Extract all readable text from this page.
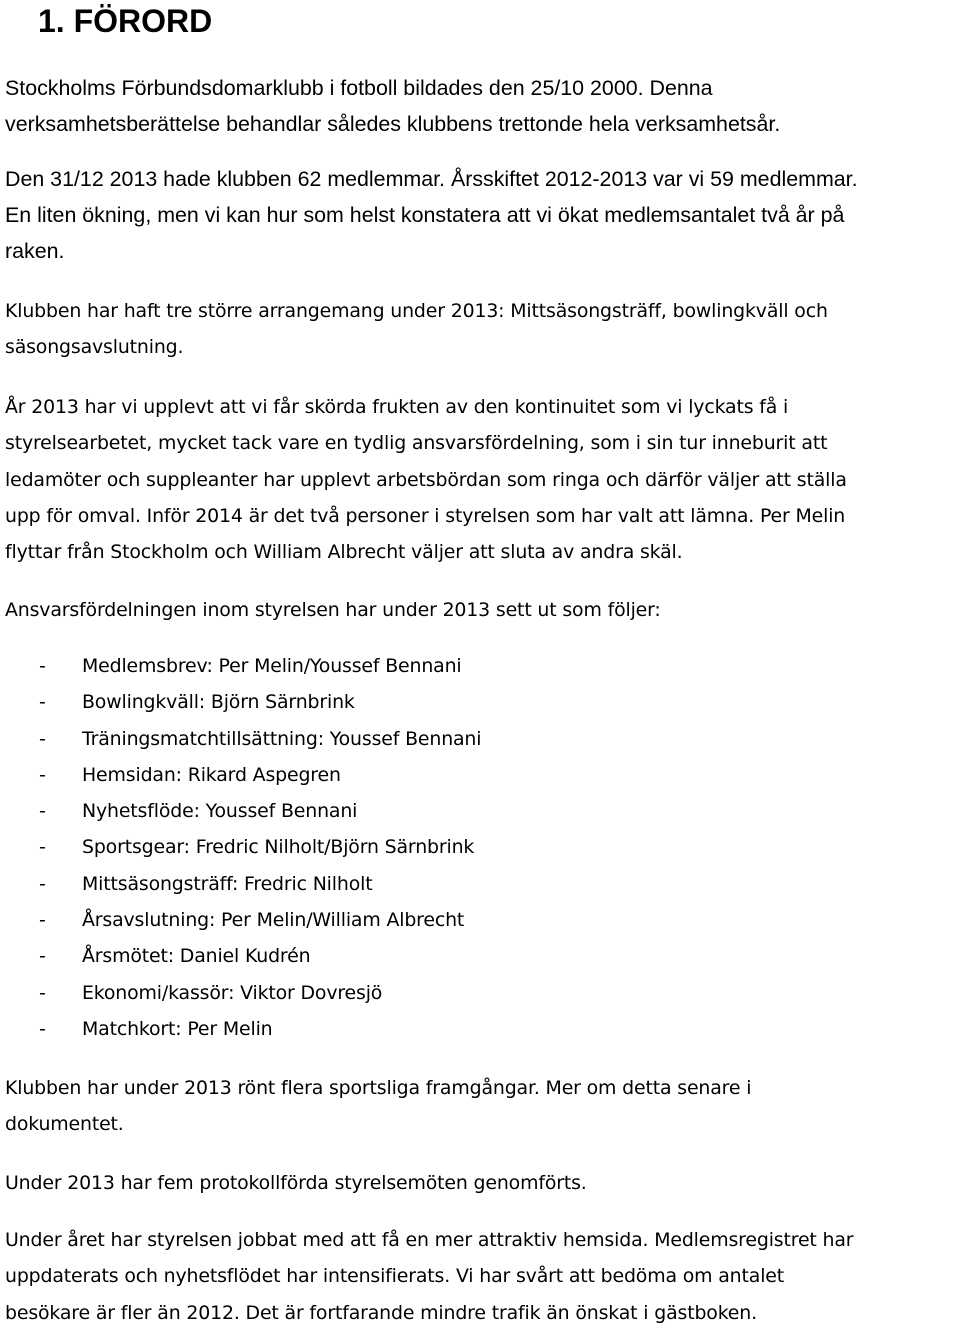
1. FÖRORD

Stockholms Förbundsdomarklubb i fotboll bildades den 25/10 2000. Denna
verksamhetsberättelse behandlar således klubbens trettonde hela verksamhetsår.

Den 31/12 2013 hade klubben 62 medlemmar. Årsskiftet 2012-2013 var vi 59 medlemmar.
En liten ökning, men vi kan hur som helst konstatera att vi ökat medlemsantalet två år på
raken.

Klubben har haft tre större arrangemang under 2013: Mittsäsongsträff, bowlingkväll och
säsongsavslutning.

År 2013 har vi upplevt att vi får skörda frukten av den kontinuitet som vi lyckats få i
styrelsearbetet, mycket tack vare en tydlig ansvarsfördelning, som i sin tur inneburit att
ledamöter och suppleanter har upplevt arbetsbördan som ringa och därför väljer att ställa
upp för omval. Inför 2014 är det två personer i styrelsen som har valt att lämna. Per Melin
flyttar från Stockholm och William Albrecht väljer att sluta av andra skäl.

Ansvarsfördelningen inom styrelsen har under 2013 sett ut som följer:

- Medlemsbrev: Per Melin/Youssef Bennani
- Bowlingkväll: Björn Särnbrink
- Träningsmatchtillsättning: Youssef Bennani
- Hemsidan: Rikard Aspegren
- Nyhetsflöde: Youssef Bennani
- Sportsgear: Fredric Nilholt/Björn Särnbrink
- Mittsäsongsträff: Fredric Nilholt
- Årsavslutning: Per Melin/William Albrecht
- Årsmötet: Daniel Kudrén
- Ekonomi/kassör: Viktor Dovresjö
- Matchkort: Per Melin

Klubben har under 2013 rönt flera sportsliga framgångar. Mer om detta senare i
dokumentet.

Under 2013 har fem protokollförda styrelsemöten genomförts.

Under året har styrelsen jobbat med att få en mer attraktiv hemsida. Medlemsregistret har
uppdaterats och nyhetsflödet har intensifierats. Vi har svårt att bedöma om antalet
besökare är fler än 2012. Det är fortfarande mindre trafik än önskat i gästboken.
